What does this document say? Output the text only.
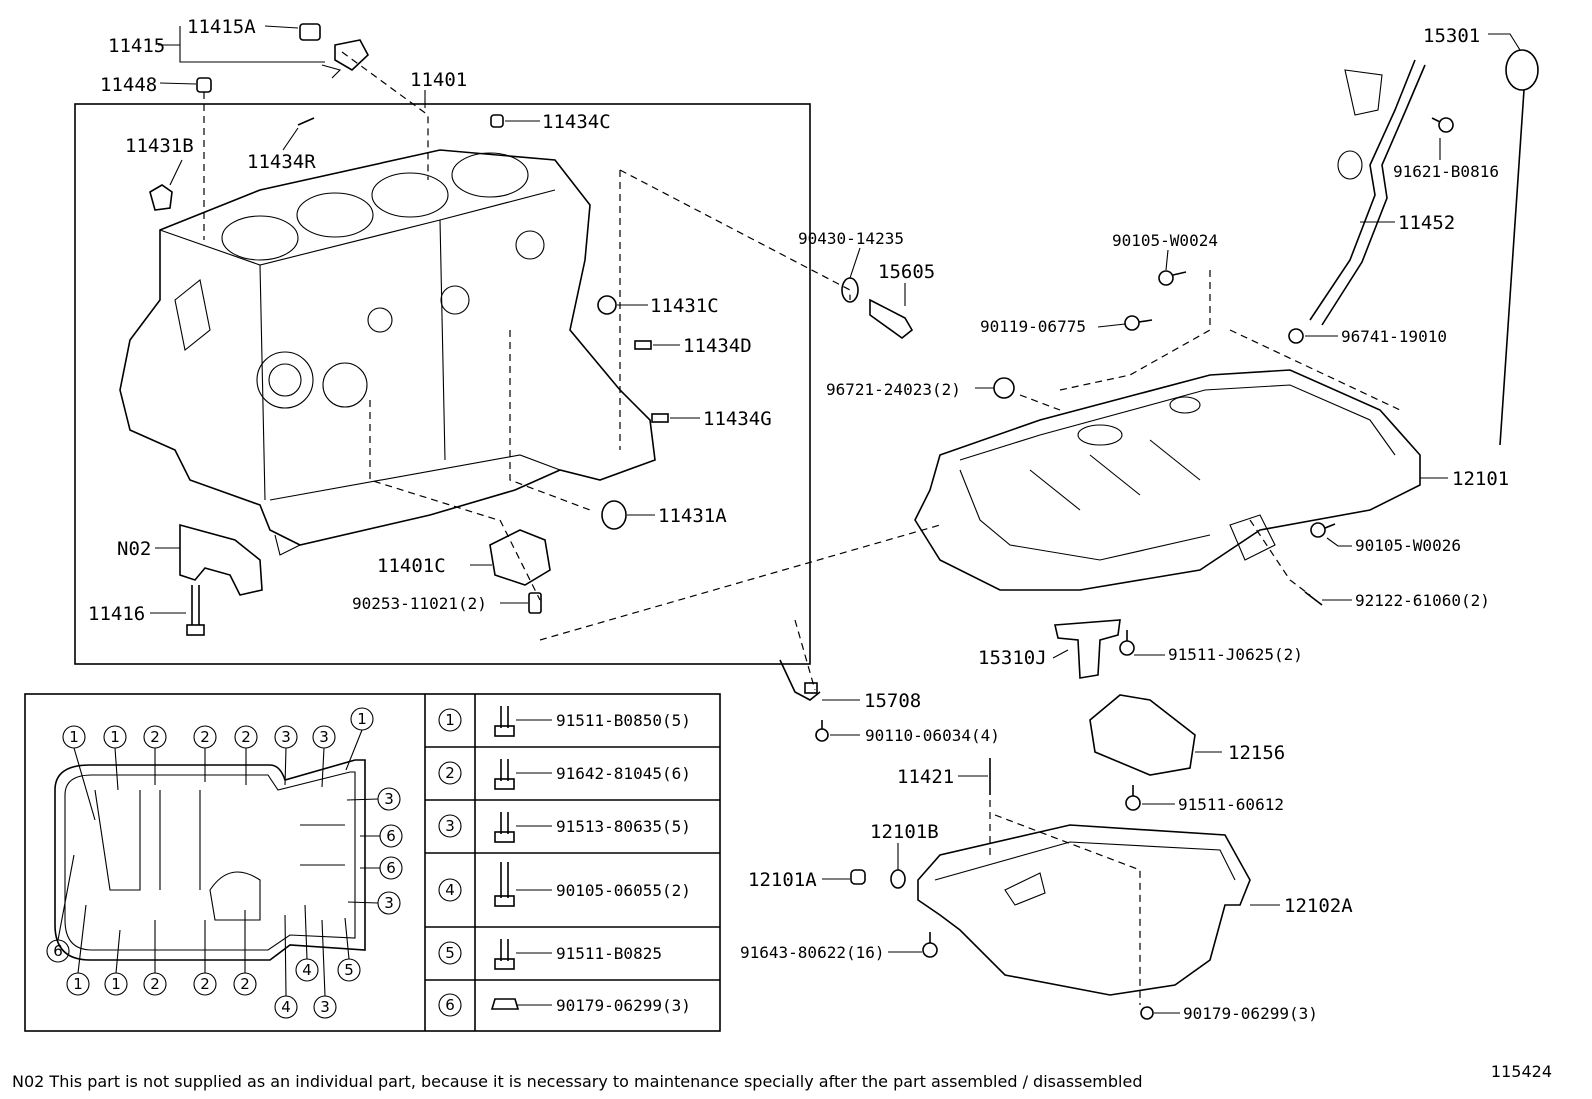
11415A
11415
11448	11401
11434C
11431B
11434R
11431C
11434D
11434G
11431A
N02
11401C
90253-11021(2)
11416
90430-14235
15605
15301
91621-B0816
11452
90105-W0024
90119-06775
96741-19010
96721-24023(2)
12101
90105-W0026
92122-61060(2)
15310J	91511-J0625(2)
15708
90110-06034(4)
11421
12156
91511-60612
12101B
12101A
12102A
91643-80622(16)
90179-06299(3)
1 1 2	2 2 3 3
1
3
6
6
3
6
1 1 2	2 2
4 5
4 3
1	91511-B0850(5)
2	91642-81045(6)
3	91513-80635(5)
4	90105-06055(2)
5	91511-B0825
6	90179-06299(3)
N02 This part is not supplied as an individual part, because it is necessary to maintenance specially after the part assembled / disassembled
115424
